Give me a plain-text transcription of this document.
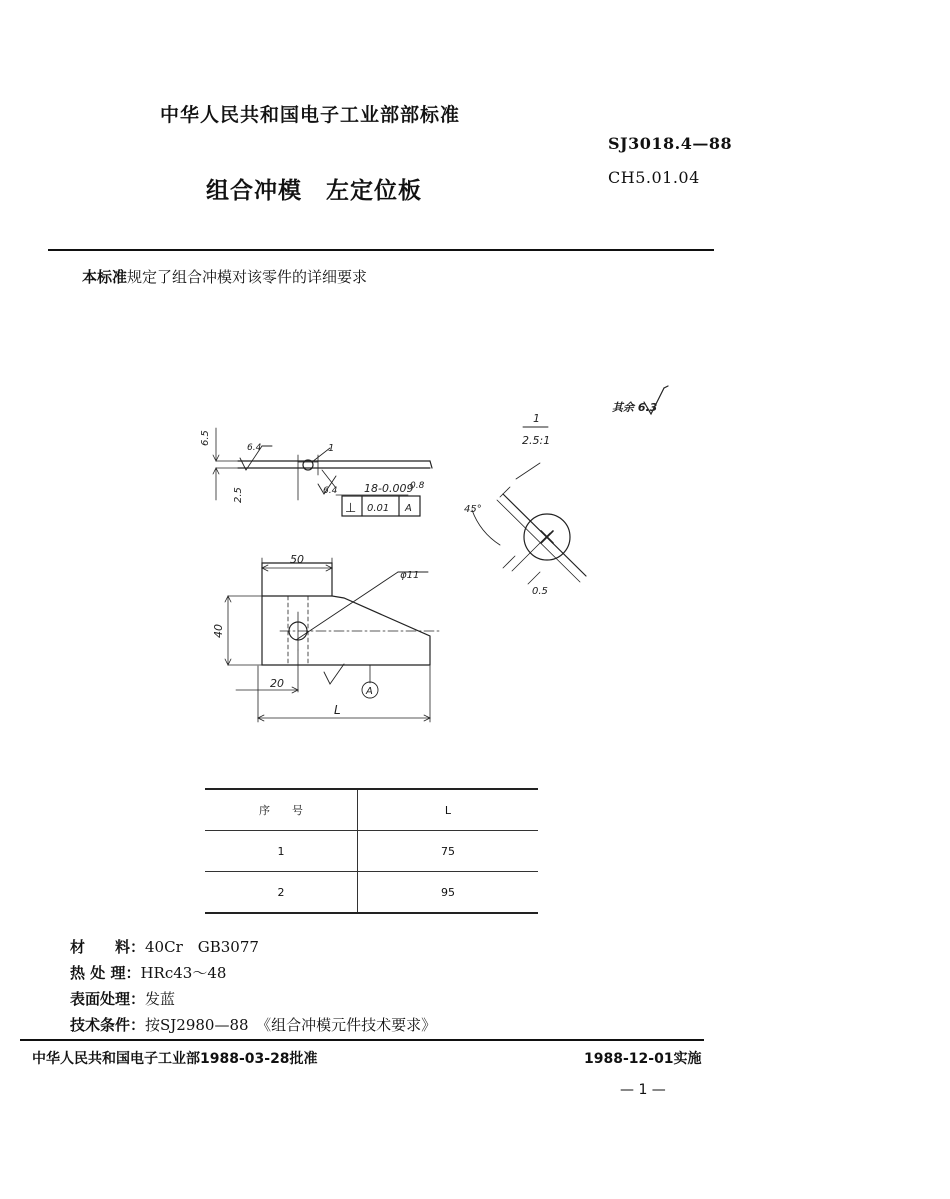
中华人民共和国电子工业部部标准
组合冲模 左定位板
SJ3018.4—88
CH5.01.04
本标准规定了组合冲模对该零件的详细要求
其余 6.3
1
2.5:1
45°
0.5
6.5
2.5
6.4
6.4	0.8
1
18-0.009
⊥ 0.01 A
50
40
20
L
φ11
A
序　　号	L
1	75
2	95
材　　料：40Cr　GB3077
热 处 理：HRc43～48
表面处理：发蓝
技术条件：按SJ2980—88　《组合冲模元件技术要求》
中华人民共和国电子工业部1988-03-28批准	1988-12-01实施
— 1 —
